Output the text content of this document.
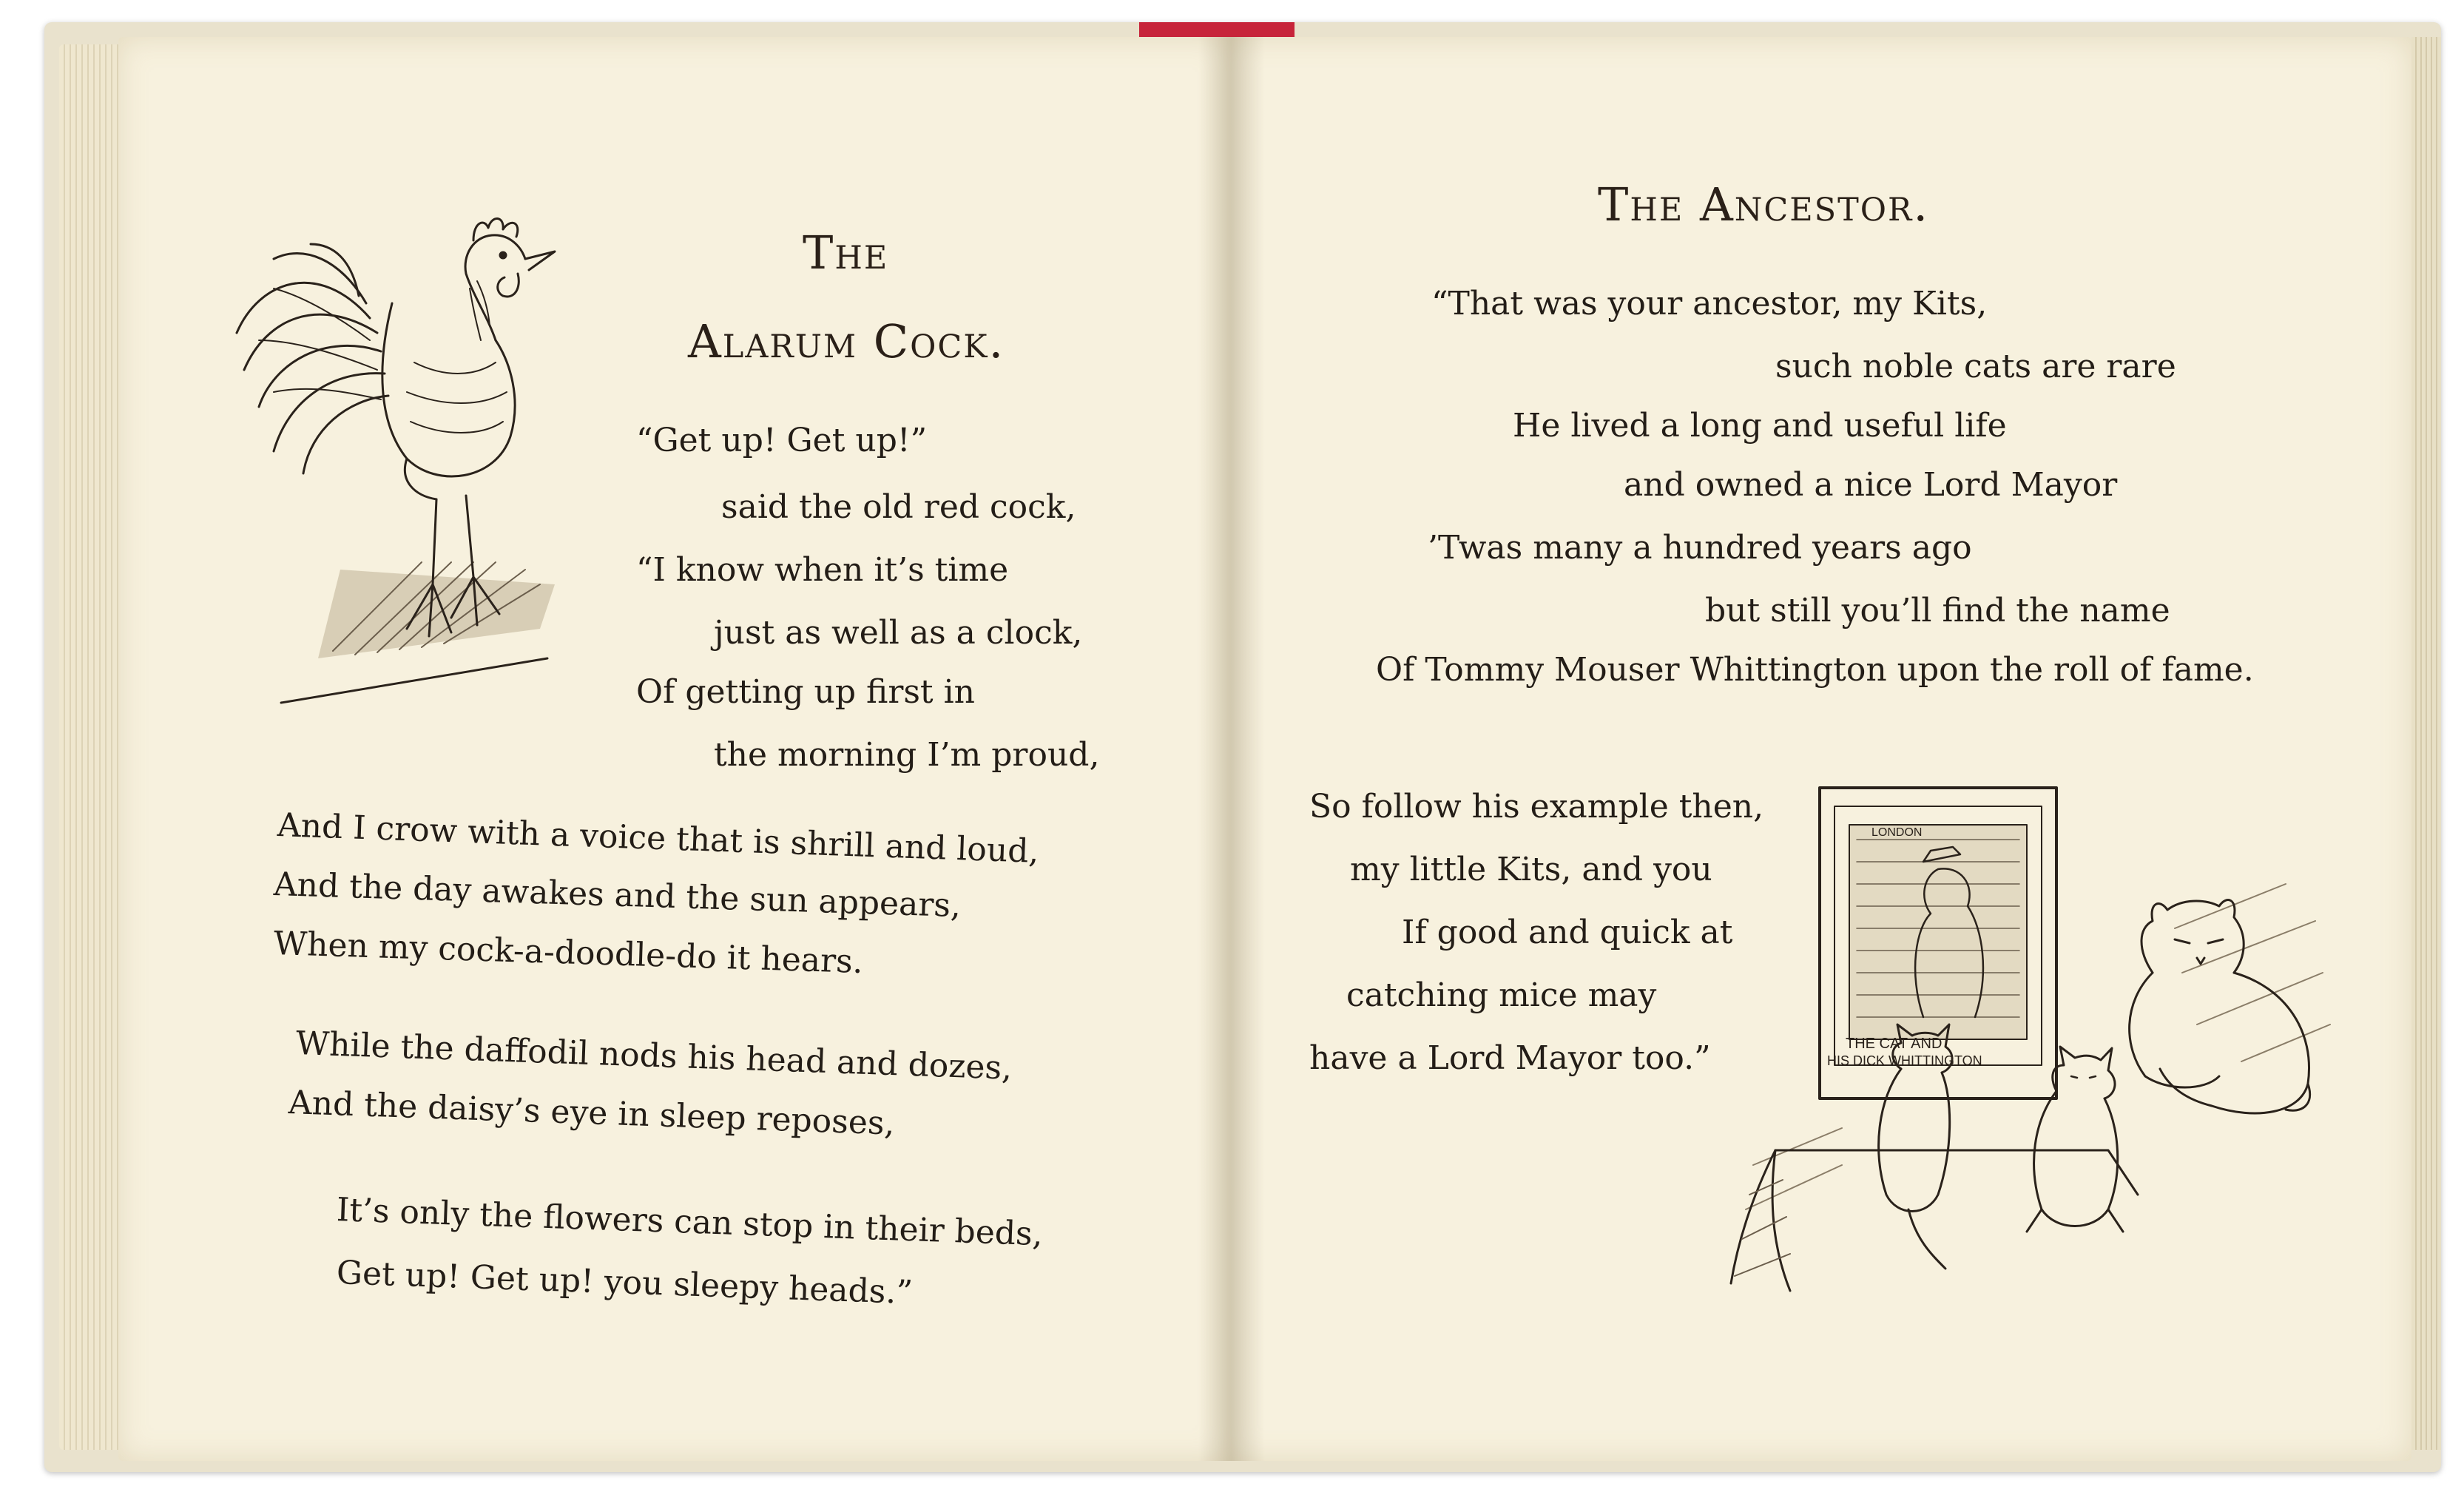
The
Alarum Cock.
“Get up! Get up!”
said the old red cock,
“I know when it’s time
just as well as a clock,
Of getting up first in
the morning I’m proud,
And I crow with a voice that is shrill and loud,
And the day awakes and the sun appears,
When my cock-a-doodle-do it hears.
While the daffodil nods his head and dozes,
And the daisy’s eye in sleep reposes,
It’s only the flowers can stop in their beds,
Get up! Get up! you sleepy heads.”
The Ancestor.
“That was your ancestor, my Kits,
such noble cats are rare
He lived a long and useful life
and owned a nice Lord Mayor
’Twas many a hundred years ago
but still you’ll find the name
Of Tommy Mouser Whittington upon the roll of fame.
So follow his example then,
my little Kits, and you
If good and quick at
catching mice may
have a Lord Mayor too.”
LONDON
THE CAT AND
HIS DICK WHITTINGTON
